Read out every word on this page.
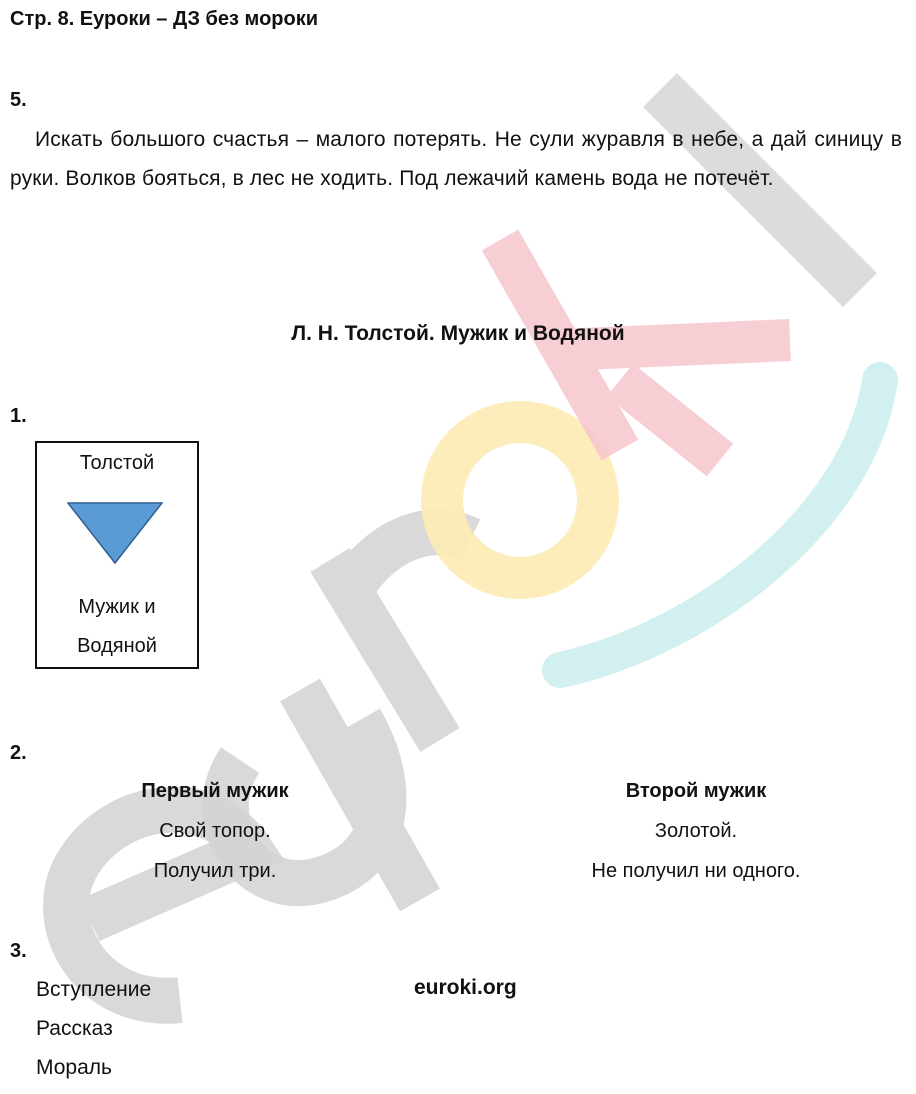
Стр. 8. Еуроки – ДЗ без мороки
5.
Искать большого счастья – малого потерять. Не сули журавля в небе, а дай синицу в руки. Волков бояться, в лес не ходить. Под лежачий камень вода не потечёт.
Л. Н. Толстой. Мужик и Водяной
1.
Толстой
Мужик и
Водяной
2.
Первый мужик
Свой топор.
Получил три.
Второй мужик
Золотой.
Не получил ни одного.
3.
Вступление
Рассказ
Мораль
euroki.org
